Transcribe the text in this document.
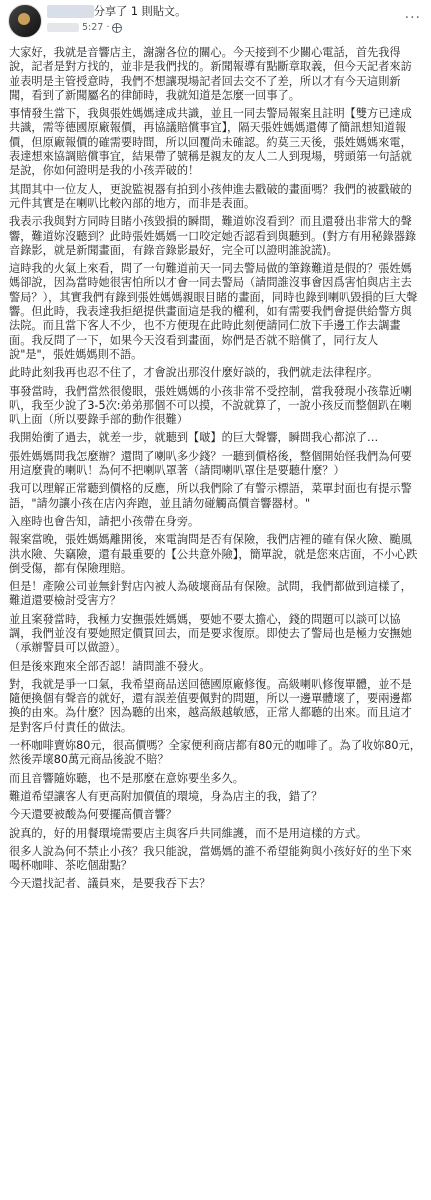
某某某某分享了 1 則貼文。
5:27 ·
···

大家好，我就是音響店主，謝謝各位的關心。今天接到不少關心電話，首先我得說，記者是對方找的，並非是我們找的。新聞報導有點斷章取義，但今天記者來訪並表明是主管授意時，我們不想讓現場記者回去交不了差，所以才有今天這則新聞，看到了新聞屬名的律師時，我就知道是怎麼一回事了。

事情發生當下，我與張姓媽媽達成共識，並且一同去警局報案且註明【雙方已達成共識，需等德國原廠報價，再協議賠償事宜】，隔天張姓媽媽還傳了簡訊想知道報價，但原廠報價的確需要時間，所以回覆尚未確認。約莫三天後，張姓媽媽來電，表達想來協調賠償事宜，結果帶了號稱是親友的友人二人到現場，劈頭第一句話就是說，你如何證明是我的小孩弄破的！

其間其中一位友人，更說監視器有拍到小孩伸進去戳破的畫面嗎？我們的被戳破的元件其實是在喇叭比較內部的地方，而非是表面。

我表示我與對方同時目睹小孩毀損的瞬間，難道妳沒看到？而且還發出非常大的聲響，難道妳沒聽到？此時張姓媽媽一口咬定她否認看到與聽到。(對方有用秘錄器錄音錄影，就是新聞畫面，有錄音錄影最好，完全可以證明誰說謊)。

這時我的火氣上來看，問了一句難道前天一同去警局做的筆錄難道是假的？張姓媽媽卻說，因為當時她很害怕所以才會一同去警局（請問誰沒事會因爲害怕與店主去警局？），其實我們有錄到張姓媽媽親眼目睹的畫面，同時也錄到喇叭毀損的巨大聲響。但此時，我表達我拒絕提供畫面這是我的權利，如有需要我們會提供給警方與法院。而且當下客人不少，也不方便現在此時此刻便請同仁放下手邊工作去調畫面。我反問了一下，如果今天沒看到畫面，妳們是否就不賠償了，同行友人說"是"，張姓媽媽則不語。

此時此刻我再也忍不住了，才會說出那沒什麼好談的，我們就走法律程序。

事發當時，我們當然很傻眼，張姓媽媽的小孩非常不受控制，當我發現小孩靠近喇叭，我至少說了3-5次:弟弟那個不可以摸，不說就算了，一說小孩反而整個趴在喇叭上面（所以要錄手部的動作很難）

我開始衝了過去，就差一步，就聽到【啵】的巨大聲響，瞬間我心都涼了…

張姓媽媽問我怎麼辦？還問了喇叭多少錢？一聽到價格後，整個開始怪我們為何要用這麼貴的喇叭！為何不把喇叭罩著（請問喇叭罩住是要聽什麼？）

我可以理解正常聽到價格的反應，所以我們除了有警示標語，菜單封面也有提示警語，"請勿讓小孩在店內奔跑，並且請勿碰觸高價音響器材。"

入座時也會告知，請把小孩帶在身旁。

報案當晚，張姓媽媽離開後，來電詢問是否有保險，我們店裡的確有保火險、颱風洪水險、失竊險，還有最重要的【公共意外險】，簡單說，就是您來店面，不小心跌倒受傷，都有保險理賠。

但是！產險公司並無針對店內被人為破壞商品有保險。試問，我們都做到這樣了，難道還要檢討受害方？

並且案發當時，我極力安撫張姓媽媽，要她不要太擔心，錢的問題可以談可以協調，我們並沒有要她照定價買回去，而是要求復原。即使去了警局也是極力安撫她（承辦警員可以做證）。

但是後來跑來全部否認！請問誰不發火。

對，我就是爭一口氣，我希望商品送回德國原廠修復。高級喇叭修復單體，並不是隨便換個有聲音的就好，還有誤差值要佩對的問題，所以一邊單體壞了，要兩邊都換的由來。為什麼？因為聽的出來，越高級越敏感，正常人都聽的出來。而且這才是對客戶付責任的做法。

一杯咖啡賣妳80元，很高價嗎？全家便利商店都有80元的咖啡了。為了收妳80元，然後弄壞80萬元商品後說不賠？

而且音響隨妳聽，也不是那麼在意妳要坐多久。

難道希望讓客人有更高附加價值的環境，身為店主的我，錯了？

今天還要被酸為何要擺高價音響？

說真的，好的用餐環境需要店主與客戶共同維護，而不是用這樣的方式。

很多人說為何不禁止小孩？我只能說，當媽媽的誰不希望能夠與小孩好好的坐下來喝杯咖啡、茶吃個甜點？

今天還找記者、議員來，是要我吞下去？
